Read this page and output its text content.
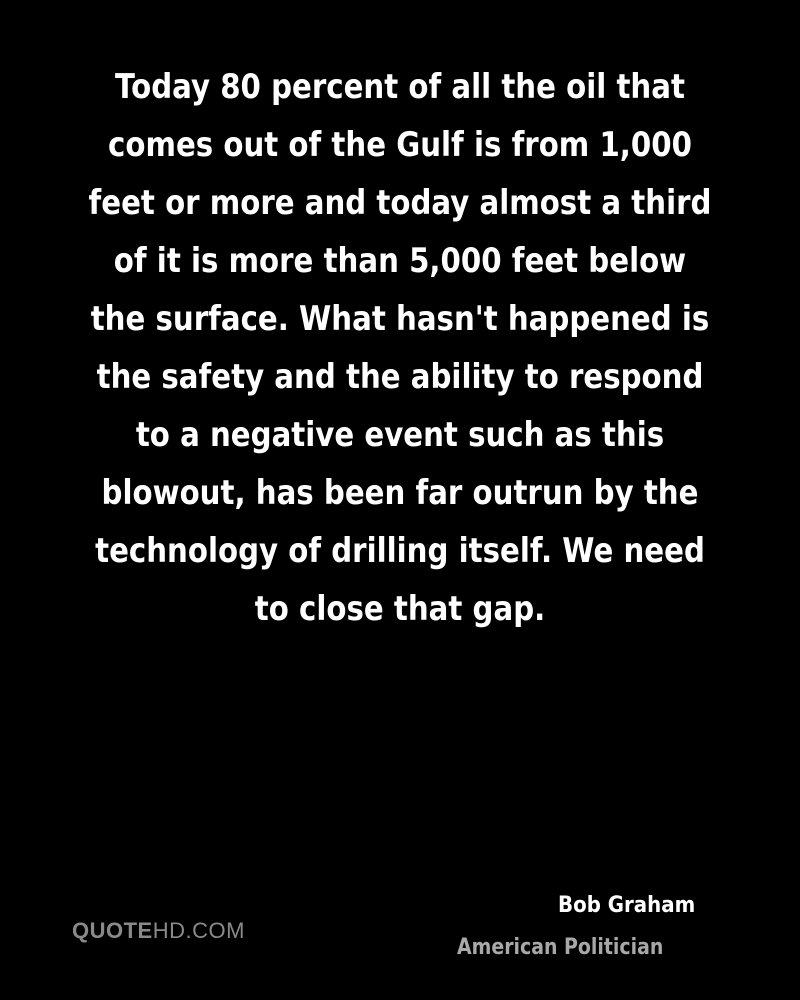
Today 80 percent of all the oil that
comes out of the Gulf is from 1,000
feet or more and today almost a third
of it is more than 5,000 feet below
the surface. What hasn't happened is
the safety and the ability to respond
to a negative event such as this
blowout, has been far outrun by the
technology of drilling itself. We need
to close that gap.
QUOTEHD.COM
Bob Graham
American Politician
